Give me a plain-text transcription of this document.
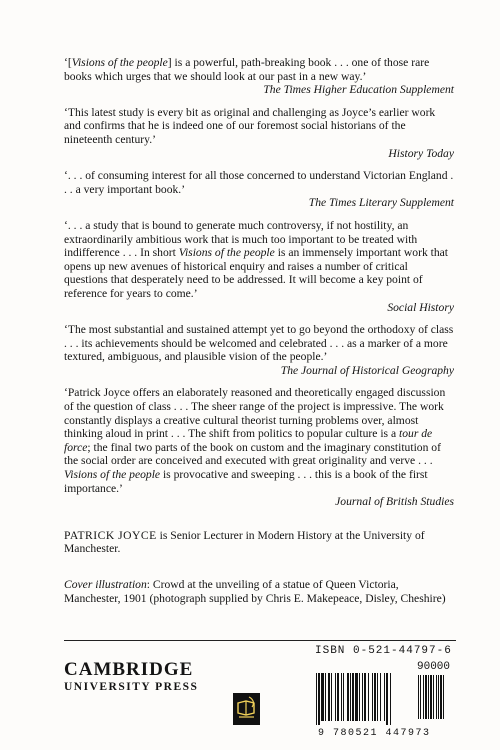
‘[Visions of the people] is a powerful, path-breaking book . . . one of those rare books which urges that we should look at our past in a new way.’

The Times Higher Education Supplement

‘This latest study is every bit as original and challenging as Joyce’s earlier work and confirms that he is indeed one of our foremost social historians of the nineteenth century.’

History Today

‘. . . of consuming interest for all those concerned to understand Victorian England . . . a very important book.’

The Times Literary Supplement

‘. . . a study that is bound to generate much controversy, if not hostility, an extraordinarily ambitious work that is much too important to be treated with indifference . . . In short Visions of the people is an immensely important work that opens up new avenues of historical enquiry and raises a number of critical questions that desperately need to be addressed. It will become a key point of reference for years to come.’

Social History

‘The most substantial and sustained attempt yet to go beyond the orthodoxy of class . . . its achievements should be welcomed and celebrated . . . as a marker of a more textured, ambiguous, and plausible vision of the people.’

The Journal of Historical Geography

‘Patrick Joyce offers an elaborately reasoned and theoretically engaged discussion of the question of class . . . The sheer range of the project is impressive. The work constantly displays a creative cultural theorist turning problems over, almost thinking aloud in print . . . The shift from politics to popular culture is a tour de force; the final two parts of the book on custom and the imaginary constitution of the social order are conceived and executed with great originality and verve . . . Visions of the people is provocative and sweeping . . . this is a book of the first importance.’

Journal of British Studies
PATRICK JOYCE is Senior Lecturer in Modern History at the University of Manchester.
Cover illustration: Crowd at the unveiling of a statue of Queen Victoria, Manchester, 1901 (photograph supplied by Chris E. Makepeace, Disley, Cheshire)
CAMBRIDGE
UNIVERSITY PRESS
ISBN 0-521-44797-6
90000
9 780521 447973
